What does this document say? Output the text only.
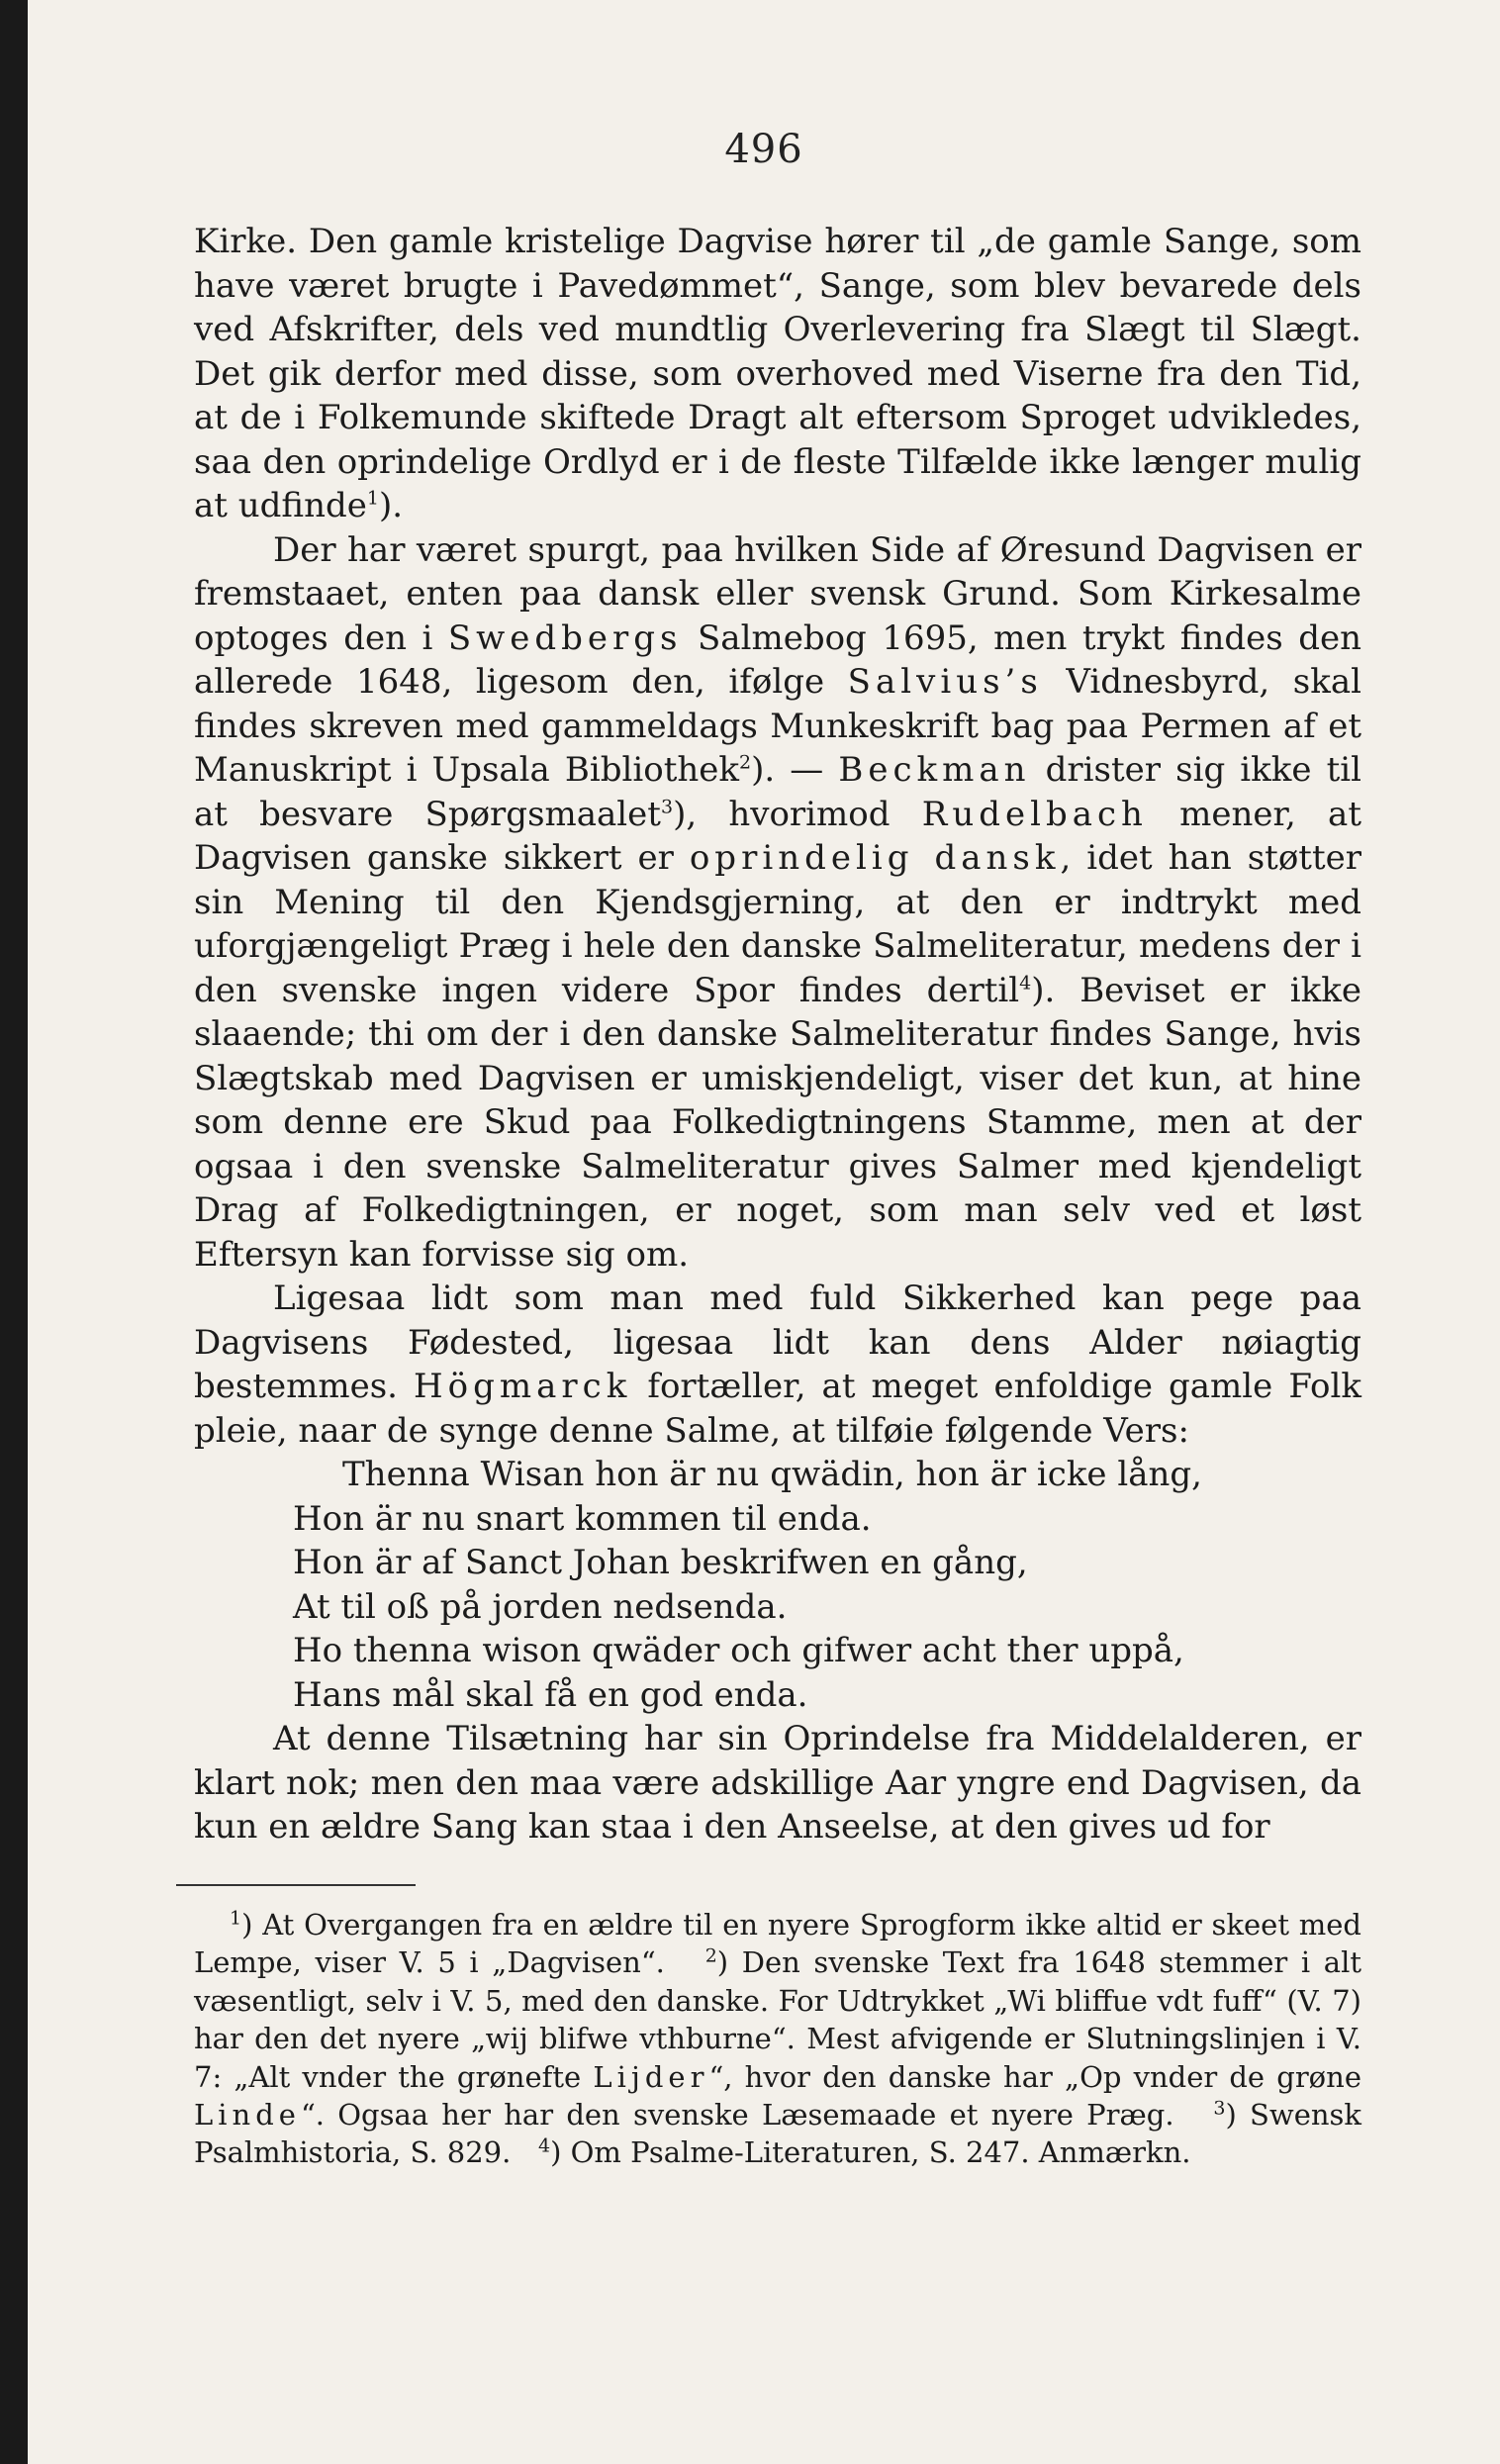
496

Kirke. Den gamle kristelige Dagvise hører til „de gamle Sange, som have været brugte i Pavedømmet“, Sange, som blev bevarede dels ved Afskrifter, dels ved mundtlig Overlevering fra Slægt til Slægt. Det gik derfor med disse, som overhoved med Viserne fra den Tid, at de i Folkemunde skiftede Dragt alt eftersom Sproget udvikledes, saa den oprindelige Ordlyd er i de fleste Tilfælde ikke længer mulig at udfinde$^1$).

Der har været spurgt, paa hvilken Side af Øresund Dagvisen er fremstaaet, enten paa dansk eller svensk Grund. Som Kirkesalme optoges den i Swedbergs Salmebog 1695, men trykt findes den allerede 1648, ligesom den, ifølge Salvius’s Vidnesbyrd, skal findes skreven med gammeldags Munkeskrift bag paa Permen af et Manuskript i Upsala Bibliothek$^2$). — Beckman drister sig ikke til at besvare Spørgsmaalet$^3$), hvorimod Rudelbach mener, at Dagvisen ganske sikkert er oprindelig dansk, idet han støtter sin Mening til den Kjendsgjerning, at den er indtrykt med uforgjængeligt Præg i hele den danske Salmeliteratur, medens der i den svenske ingen videre Spor findes dertil$^4$). Beviset er ikke slaaende; thi om der i den danske Salmeliteratur findes Sange, hvis Slægtskab med Dagvisen er umiskjendeligt, viser det kun, at hine som denne ere Skud paa Folkedigtningens Stamme, men at der ogsaa i den svenske Salmeliteratur gives Salmer med kjendeligt Drag af Folkedigtningen, er noget, som man selv ved et løst Eftersyn kan forvisse sig om.

Ligesaa lidt som man med fuld Sikkerhed kan pege paa Dagvisens Fødested, ligesaa lidt kan dens Alder nøiagtig bestemmes. Högmarck fortæller, at meget enfoldige gamle Folk pleie, naar de synge denne Salme, at tilføie følgende Vers:

Thenna Wisan hon är nu qwädin, hon är icke lång,
Hon är nu snart kommen til enda.
Hon är af Sanct Johan beskrifwen en gång,
At til oß på jorden nedsenda.
Ho thenna wison qwäder och gifwer acht ther uppå,
Hans mål skal få en god enda.

At denne Tilsætning har sin Oprindelse fra Middelalderen, er klart nok; men den maa være adskillige Aar yngre end Dagvisen, da kun en ældre Sang kan staa i den Anseelse, at den gives ud for

$^1$) At Overgangen fra en ældre til en nyere Sprogform ikke altid er skeet med Lempe, viser V. 5 i „Dagvisen“. $^2$) Den svenske Text fra 1648 stemmer i alt væsentligt, selv i V. 5, med den danske. For Udtrykket „Wi bliffue vdt fuff“ (V. 7) har den det nyere „wij blifwe vthburne“. Mest afvigende er Slutningslinjen i V. 7: „Alt vnder the grønefte Lijder“, hvor den danske har „Op vnder de grøne Linde“. Ogsaa her har den svenske Læsemaade et nyere Præg. $^3$) Swensk Psalmhistoria, S. 829. $^4$) Om Psalme-Literaturen, S. 247. Anmærkn.
